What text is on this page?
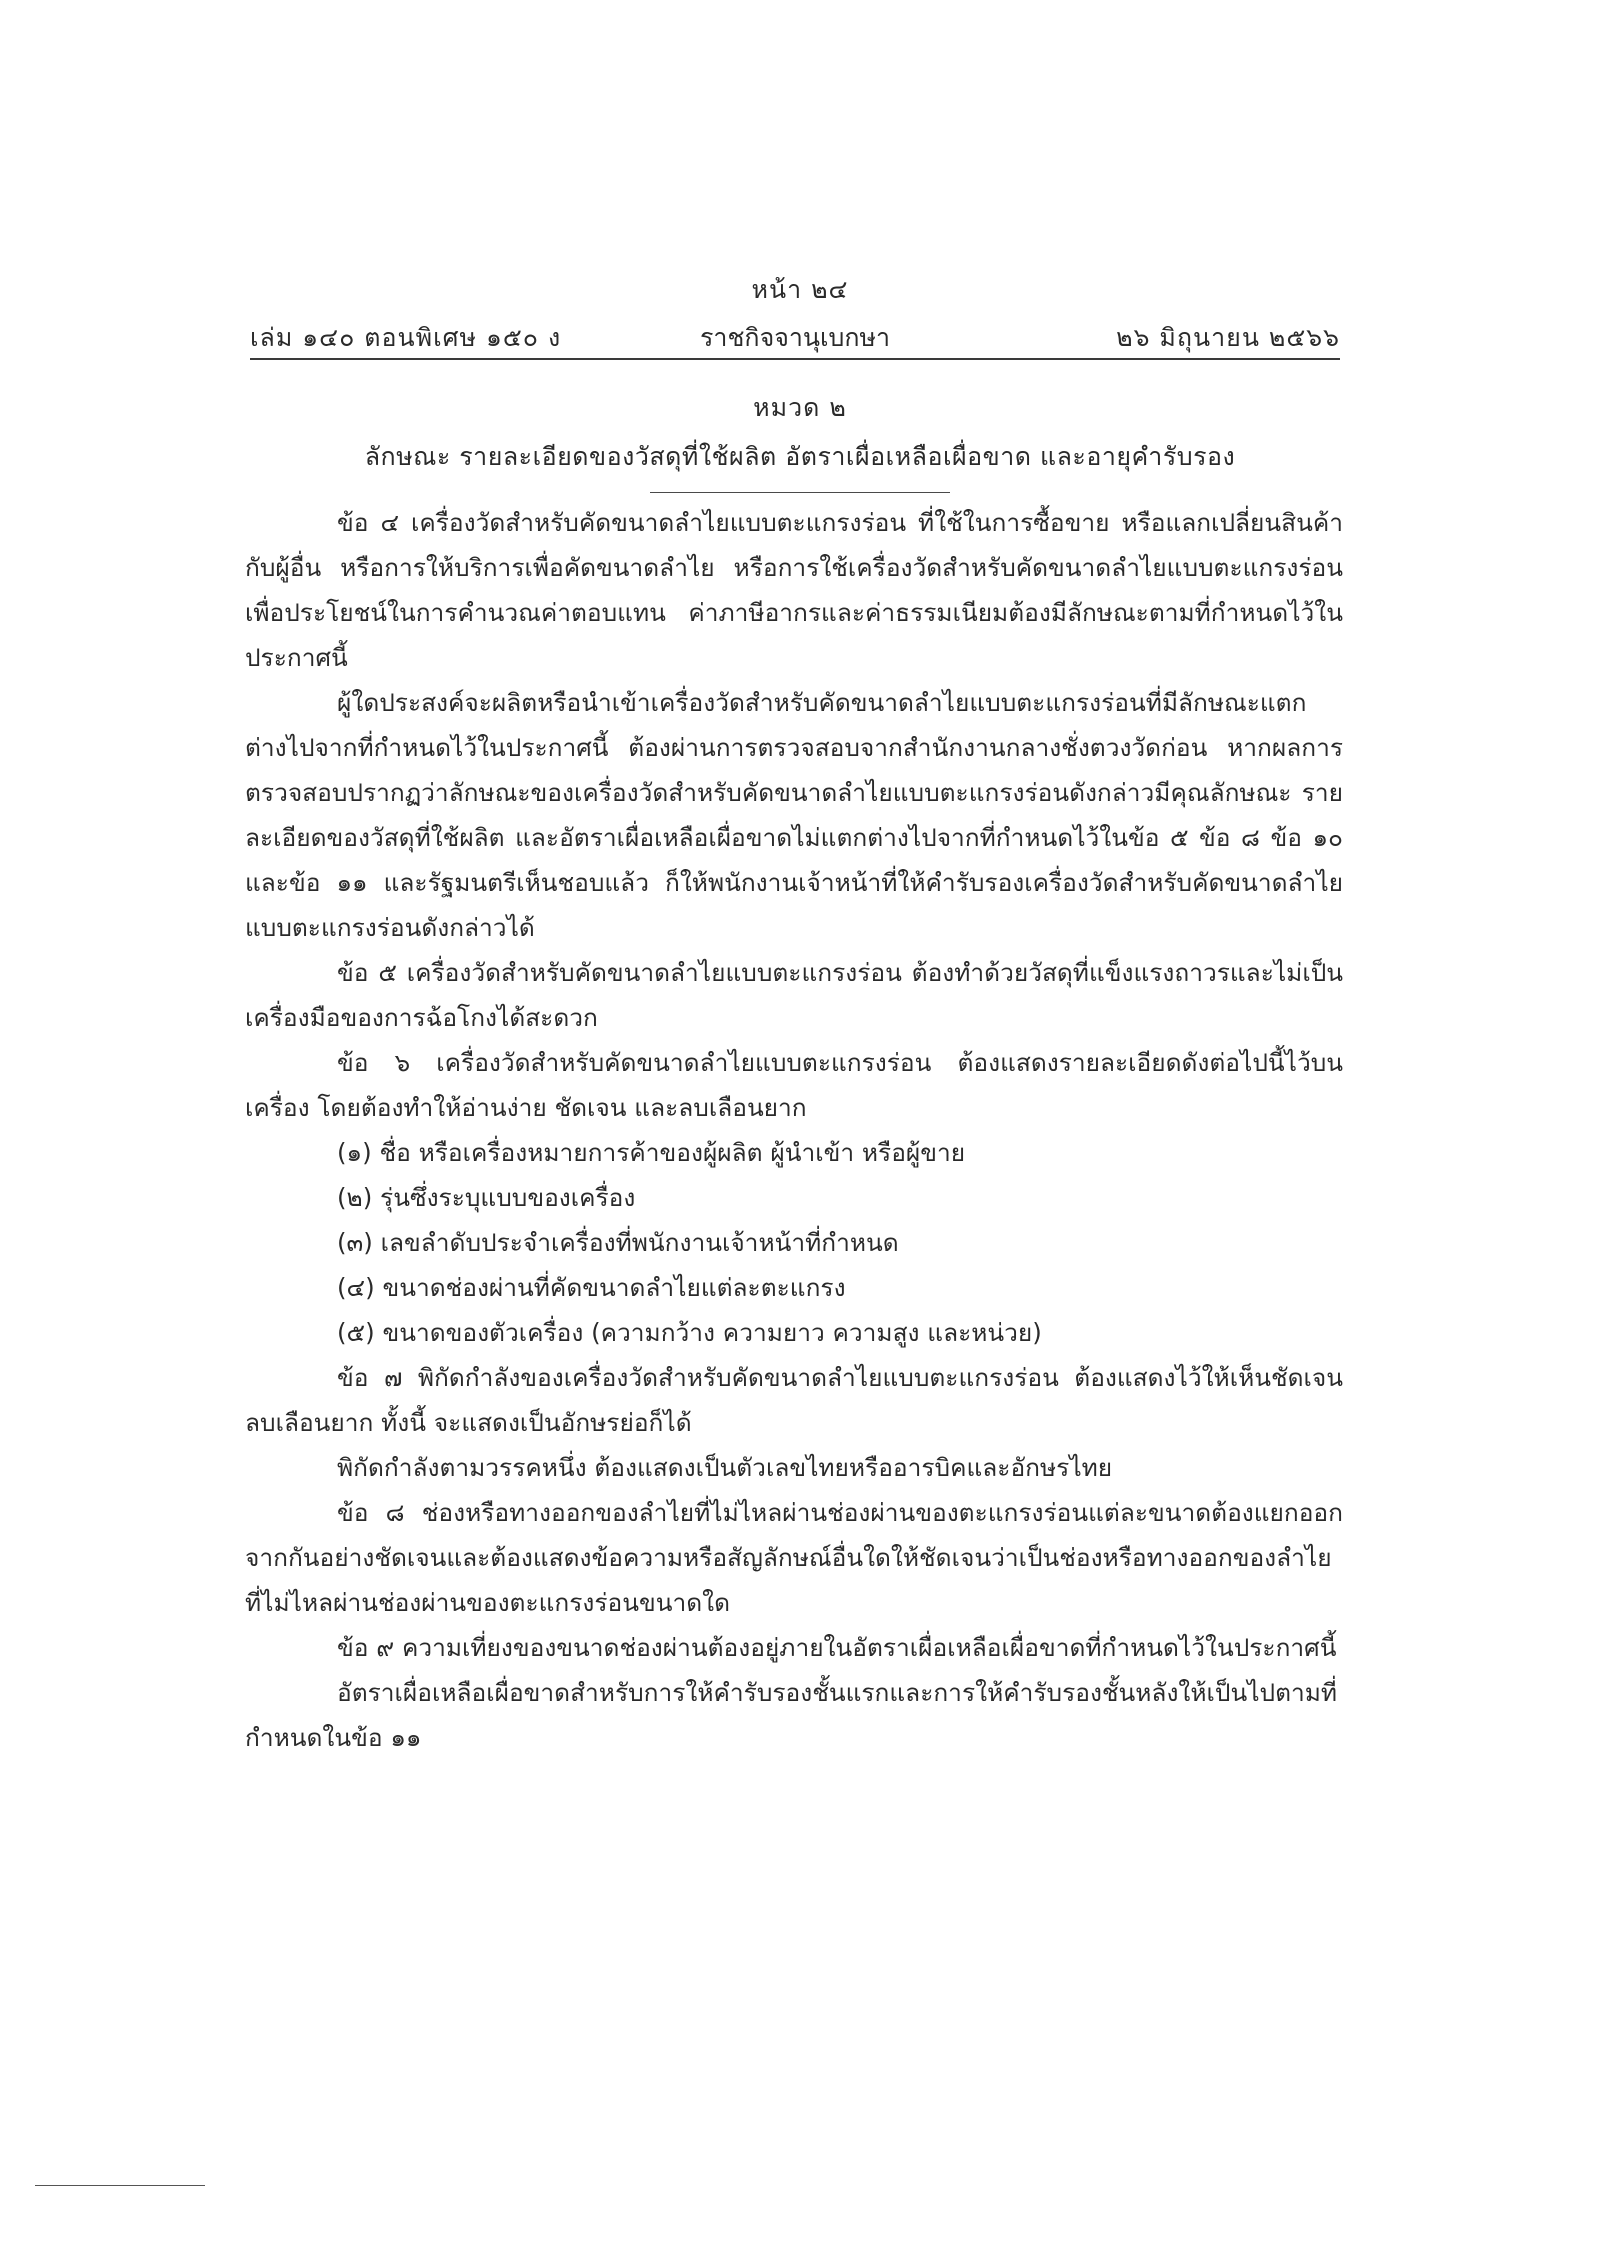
หน้า ๒๔
เล่ม ๑๔๐ ตอนพิเศษ ๑๕๐ ง	ราชกิจจานุเบกษา	๒๖ มิถุนายน ๒๕๖๖
หมวด ๒
ลักษณะ รายละเอียดของวัสดุที่ใช้ผลิต อัตราเผื่อเหลือเผื่อขาด และอายุคำรับรอง

ข้อ ๔ เครื่องวัดสำหรับคัดขนาดลำไยแบบตะแกรงร่อน ที่ใช้ในการซื้อขาย หรือแลกเปลี่ยนสินค้ากับผู้อื่น หรือการให้บริการเพื่อคัดขนาดลำไย หรือการใช้เครื่องวัดสำหรับคัดขนาดลำไยแบบตะแกรงร่อน เพื่อประโยชน์ในการคำนวณค่าตอบแทน ค่าภาษีอากรและค่าธรรมเนียมต้องมีลักษณะตามที่กำหนดไว้ในประกาศนี้

ผู้ใดประสงค์จะผลิตหรือนำเข้าเครื่องวัดสำหรับคัดขนาดลำไยแบบตะแกรงร่อนที่มีลักษณะแตกต่างไปจากที่กำหนดไว้ในประกาศนี้ ต้องผ่านการตรวจสอบจากสำนักงานกลางชั่งตวงวัดก่อน หากผลการตรวจสอบปรากฏว่าลักษณะของเครื่องวัดสำหรับคัดขนาดลำไยแบบตะแกรงร่อนดังกล่าวมีคุณลักษณะ รายละเอียดของวัสดุที่ใช้ผลิต และอัตราเผื่อเหลือเผื่อขาดไม่แตกต่างไปจากที่กำหนดไว้ในข้อ ๕ ข้อ ๘ ข้อ ๑๐ และข้อ ๑๑ และรัฐมนตรีเห็นชอบแล้ว ก็ให้พนักงานเจ้าหน้าที่ให้คำรับรองเครื่องวัดสำหรับคัดขนาดลำไยแบบตะแกรงร่อนดังกล่าวได้

ข้อ ๕ เครื่องวัดสำหรับคัดขนาดลำไยแบบตะแกรงร่อน ต้องทำด้วยวัสดุที่แข็งแรงถาวรและไม่เป็นเครื่องมือของการฉ้อโกงได้สะดวก

ข้อ ๖ เครื่องวัดสำหรับคัดขนาดลำไยแบบตะแกรงร่อน ต้องแสดงรายละเอียดดังต่อไปนี้ไว้บนเครื่อง โดยต้องทำให้อ่านง่าย ชัดเจน และลบเลือนยาก

(๑) ชื่อ หรือเครื่องหมายการค้าของผู้ผลิต ผู้นำเข้า หรือผู้ขาย

(๒) รุ่นซึ่งระบุแบบของเครื่อง

(๓) เลขลำดับประจำเครื่องที่พนักงานเจ้าหน้าที่กำหนด

(๔) ขนาดช่องผ่านที่คัดขนาดลำไยแต่ละตะแกรง

(๕) ขนาดของตัวเครื่อง (ความกว้าง ความยาว ความสูง และหน่วย)

ข้อ ๗ พิกัดกำลังของเครื่องวัดสำหรับคัดขนาดลำไยแบบตะแกรงร่อน ต้องแสดงไว้ให้เห็นชัดเจน ลบเลือนยาก ทั้งนี้ จะแสดงเป็นอักษรย่อก็ได้

พิกัดกำลังตามวรรคหนึ่ง ต้องแสดงเป็นตัวเลขไทยหรืออารบิคและอักษรไทย

ข้อ ๘ ช่องหรือทางออกของลำไยที่ไม่ไหลผ่านช่องผ่านของตะแกรงร่อนแต่ละขนาดต้องแยกออกจากกันอย่างชัดเจนและต้องแสดงข้อความหรือสัญลักษณ์อื่นใดให้ชัดเจนว่าเป็นช่องหรือทางออกของลำไยที่ไม่ไหลผ่านช่องผ่านของตะแกรงร่อนขนาดใด

ข้อ ๙ ความเที่ยงของขนาดช่องผ่านต้องอยู่ภายในอัตราเผื่อเหลือเผื่อขาดที่กำหนดไว้ในประกาศนี้

อัตราเผื่อเหลือเผื่อขาดสำหรับการให้คำรับรองชั้นแรกและการให้คำรับรองชั้นหลังให้เป็นไปตามที่กำหนดในข้อ ๑๑
